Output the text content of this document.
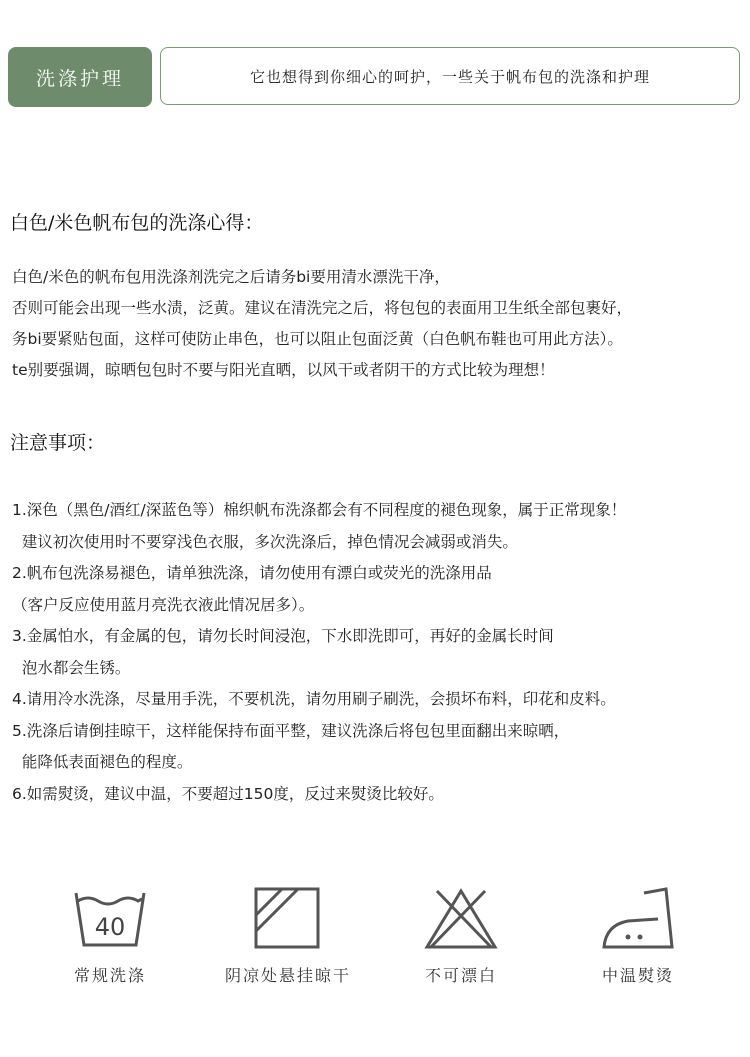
洗涤护理	它也想得到你细心的呵护，一些关于帆布包的洗涤和护理
白色/米色帆布包的洗涤心得：
白色/米色的帆布包用洗涤剂洗完之后请务bi要用清水漂洗干净，
否则可能会出现一些水渍，泛黄。建议在清洗完之后，将包包的表面用卫生纸全部包裹好，
务bi要紧贴包面，这样可使防止串色，也可以阻止包面泛黄（白色帆布鞋也可用此方法）。
te别要强调，晾晒包包时不要与阳光直晒，以风干或者阴干的方式比较为理想！
注意事项：
1.深色（黑色/酒红/深蓝色等）棉织帆布洗涤都会有不同程度的褪色现象，属于正常现象！
建议初次使用时不要穿浅色衣服，多次洗涤后，掉色情况会减弱或消失。
2.帆布包洗涤易褪色，请单独洗涤，请勿使用有漂白或荧光的洗涤用品
（客户反应使用蓝月亮洗衣液此情况居多）。
3.金属怕水，有金属的包，请勿长时间浸泡，下水即洗即可，再好的金属长时间
泡水都会生锈。
4.请用冷水洗涤，尽量用手洗，不要机洗，请勿用刷子刷洗，会损坏布料，印花和皮料。
5.洗涤后请倒挂晾干，这样能保持布面平整，建议洗涤后将包包里面翻出来晾晒，
能降低表面褪色的程度。
6.如需熨烫，建议中温，不要超过150度，反过来熨烫比较好。
40
常规洗涤	阴凉处悬挂晾干	不可漂白	中温熨烫
